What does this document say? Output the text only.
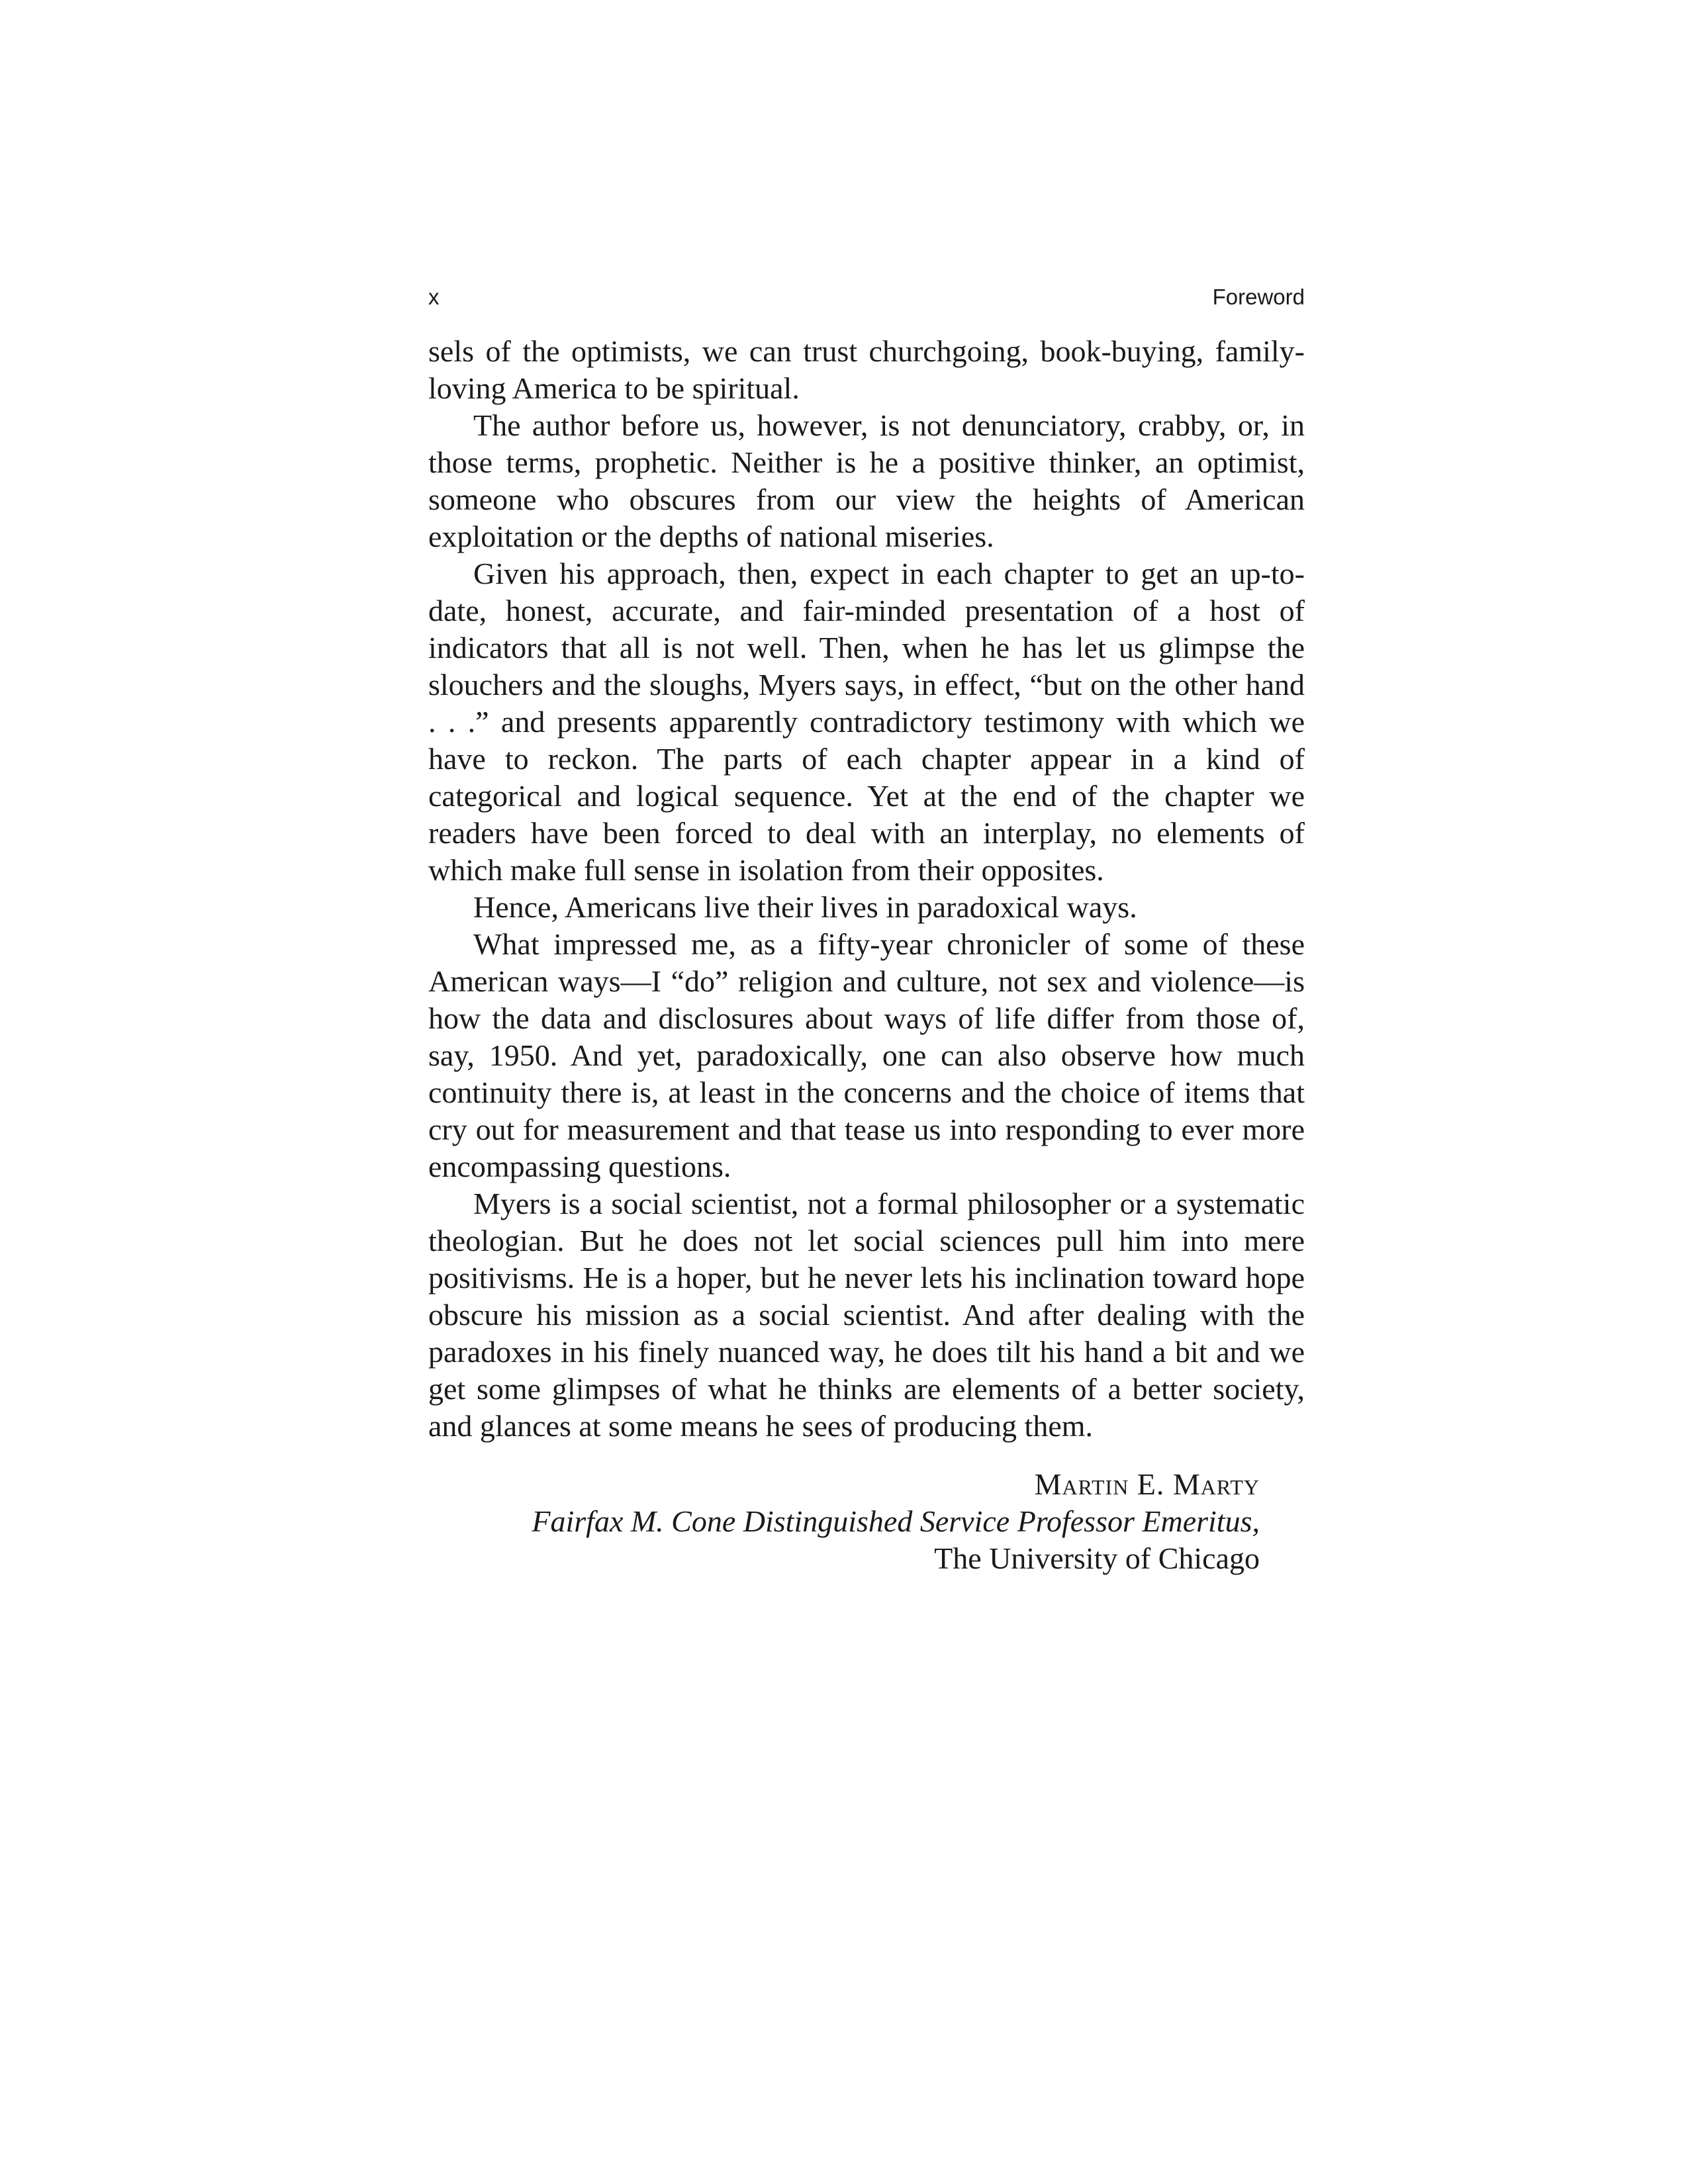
x	Foreword

sels of the optimists, we can trust churchgoing, book-buying, family-loving America to be spiritual.

The author before us, however, is not denunciatory, crabby, or, in those terms, prophetic. Neither is he a positive thinker, an optimist, someone who obscures from our view the heights of American exploitation or the depths of national miseries.

Given his approach, then, expect in each chapter to get an up-to-date, honest, accurate, and fair-minded presentation of a host of indicators that all is not well. Then, when he has let us glimpse the slouchers and the sloughs, Myers says, in effect, “but on the other hand . . .” and presents apparently contradictory testimony with which we have to reckon. The parts of each chapter appear in a kind of categorical and logical sequence. Yet at the end of the chapter we readers have been forced to deal with an interplay, no elements of which make full sense in isolation from their opposites.

Hence, Americans live their lives in paradoxical ways.

What impressed me, as a fifty-year chronicler of some of these American ways—I “do” religion and culture, not sex and violence—is how the data and disclosures about ways of life differ from those of, say, 1950. And yet, paradoxically, one can also observe how much continuity there is, at least in the concerns and the choice of items that cry out for measurement and that tease us into responding to ever more encompassing questions.

Myers is a social scientist, not a formal philosopher or a systematic theologian. But he does not let social sciences pull him into mere positivisms. He is a hoper, but he never lets his inclination toward hope obscure his mission as a social scientist. And after dealing with the paradoxes in his finely nuanced way, he does tilt his hand a bit and we get some glimpses of what he thinks are elements of a better society, and glances at some means he sees of producing them.

Martin E. Marty
Fairfax M. Cone Distinguished Service Professor Emeritus,
The University of Chicago
